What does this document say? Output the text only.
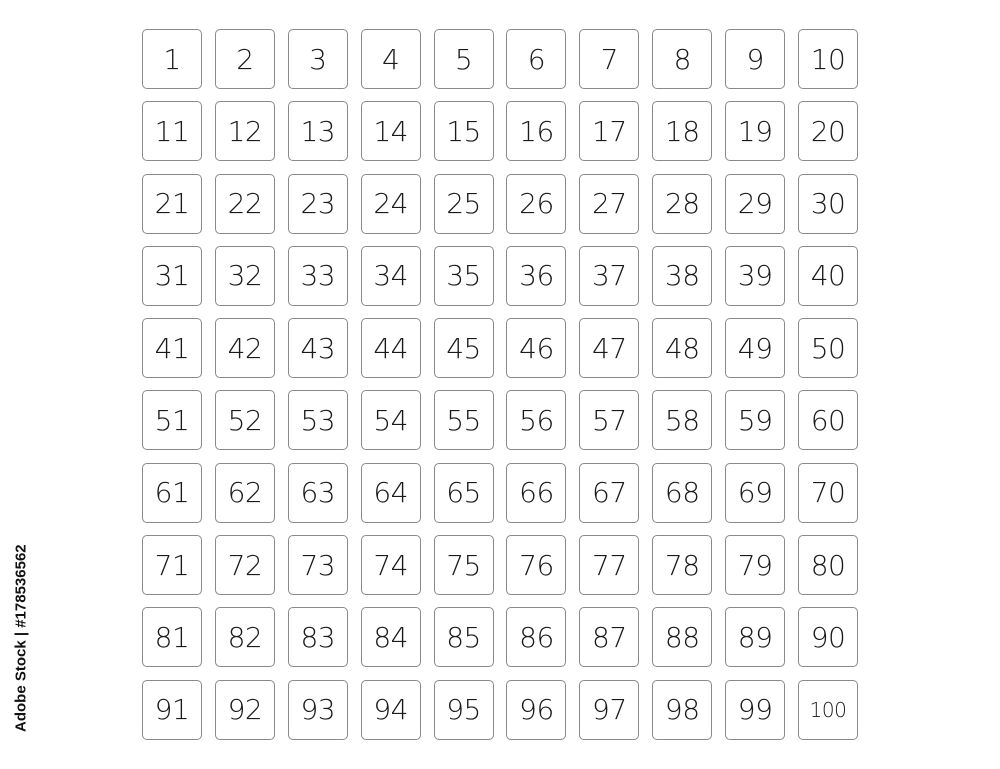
1	2	3	4	5	6	7	8	9	10
11	12	13	14	15	16	17	18	19	20
21	22	23	24	25	26	27	28	29	30
31	32	33	34	35	36	37	38	39	40
41	42	43	44	45	46	47	48	49	50
51	52	53	54	55	56	57	58	59	60
61	62	63	64	65	66	67	68	69	70
71	72	73	74	75	76	77	78	79	80
81	82	83	84	85	86	87	88	89	90
91	92	93	94	95	96	97	98	99	100
Adobe Stock | #178536562
